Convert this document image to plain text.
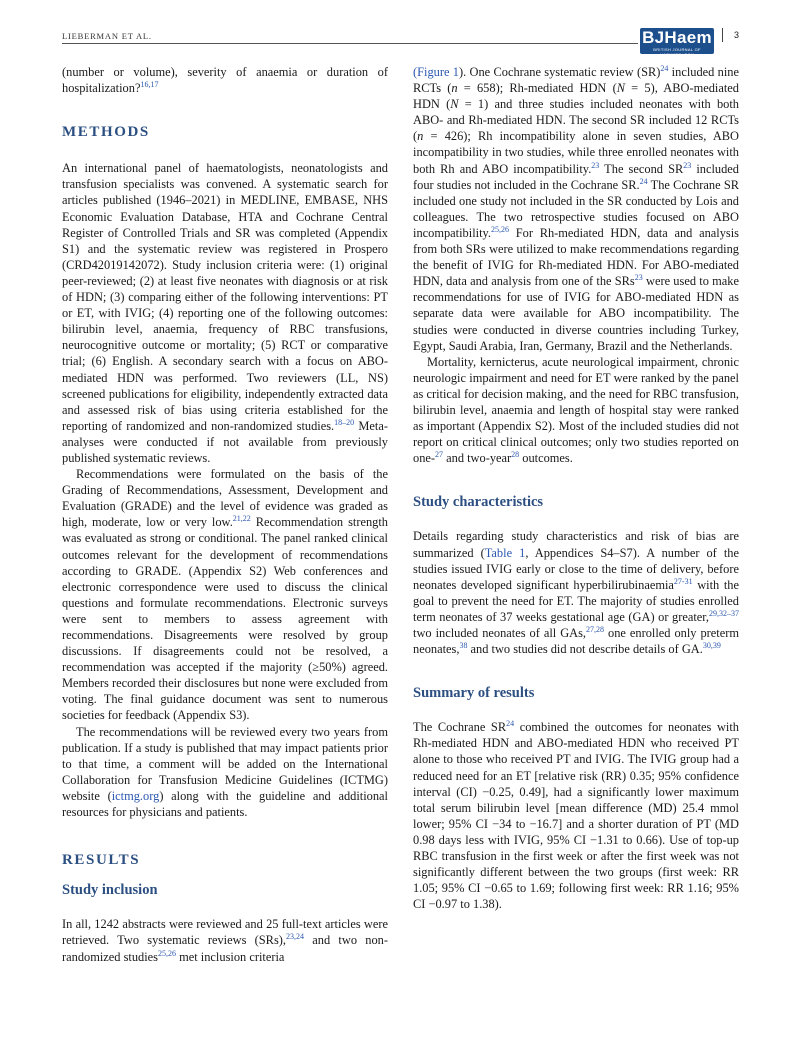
LIEBERMAN ET AL.	BJHaem
BRITISH JOURNAL OF HAEMATOLOGY
3

(number or volume), severity of anaemia or duration of hospitalization?$^{16,17}$

METHODS

An international panel of haematologists, neonatologists and transfusion specialists was convened. A systematic search for articles published (1946–2021) in MEDLINE, EMBASE, NHS Economic Evaluation Database, HTA and Cochrane Central Register of Controlled Trials and SR was completed (Appendix S1) and the systematic review was registered in Prospero (CRD42019142072). Study inclusion criteria were: (1) original peer-reviewed; (2) at least five neonates with diagnosis or at risk of HDN; (3) comparing either of the following interventions: PT or ET, with IVIG; (4) reporting one of the following outcomes: bilirubin level, anaemia, frequency of RBC transfusions, neurocognitive outcome or mortality; (5) RCT or comparative trial; (6) English. A secondary search with a focus on ABO-mediated HDN was performed. Two reviewers (LL, NS) screened publications for eligibility, independently extracted data and assessed risk of bias using criteria established for the reporting of randomized and non-randomized studies.$^{18-20}$ Meta-analyses were conducted if not available from previously published systematic reviews.

Recommendations were formulated on the basis of the Grading of Recommendations, Assessment, Development and Evaluation (GRADE) and the level of evidence was graded as high, moderate, low or very low.$^{21,22}$ Recommendation strength was evaluated as strong or conditional. The panel ranked clinical outcomes relevant for the development of recommendations according to GRADE. (Appendix S2) Web conferences and electronic correspondence were used to discuss the clinical questions and formulate recommendations. Electronic surveys were sent to members to assess agreement with recommendations. Disagreements were resolved by group discussions. If disagreements could not be resolved, a recommendation was accepted if the majority (≥50%) agreed. Members recorded their disclosures but none were excluded from voting. The final guidance document was sent to numerous societies for feedback (Appendix S3).

The recommendations will be reviewed every two years from publication. If a study is published that may impact patients prior to that time, a comment will be added on the International Collaboration for Transfusion Medicine Guidelines (ICTMG) website (ictmg.org) along with the guideline and additional resources for physicians and patients.

RESULTS
Study inclusion

In all, 1242 abstracts were reviewed and 25 full-text articles were retrieved. Two systematic reviews (SRs),$^{23,24}$ and two non-randomized studies$^{25,26}$ met inclusion criteria

(Figure 1). One Cochrane systematic review (SR)$^{24}$ included nine RCTs (n = 658); Rh-mediated HDN (N = 5), ABO-mediated HDN (N = 1) and three studies included neonates with both ABO- and Rh-mediated HDN. The second SR included 12 RCTs (n = 426); Rh incompatibility alone in seven studies, ABO incompatibility in two studies, while three enrolled neonates with both Rh and ABO incompatibility.$^{23}$ The second SR$^{23}$ included four studies not included in the Cochrane SR.$^{24}$ The Cochrane SR included one study not included in the SR conducted by Lois and colleagues. The two retrospective studies focused on ABO incompatibility.$^{25,26}$ For Rh-mediated HDN, data and analysis from both SRs were utilized to make recommendations regarding the benefit of IVIG for Rh-mediated HDN. For ABO-mediated HDN, data and analysis from one of the SRs$^{23}$ were used to make recommendations for use of IVIG for ABO-mediated HDN as separate data were available for ABO incompatibility. The studies were conducted in diverse countries including Turkey, Egypt, Saudi Arabia, Iran, Germany, Brazil and the Netherlands.

Mortality, kernicterus, acute neurological impairment, chronic neurologic impairment and need for ET were ranked by the panel as critical for decision making, and the need for RBC transfusion, bilirubin level, anaemia and length of hospital stay were ranked as important (Appendix S2). Most of the included studies did not report on critical clinical outcomes; only two studies reported on one-$^{27}$ and two-year$^{28}$ outcomes.

Study characteristics

Details regarding study characteristics and risk of bias are summarized (Table 1, Appendices S4–S7). A number of the studies issued IVIG early or close to the time of delivery, before neonates developed significant hyperbilirubinaemia$^{27-31}$ with the goal to prevent the need for ET. The majority of studies enrolled term neonates of 37 weeks gestational age (GA) or greater,$^{29,32-37}$ two included neonates of all GAs,$^{27,28}$ one enrolled only preterm neonates,$^{38}$ and two studies did not describe details of GA.$^{30,39}$

Summary of results

The Cochrane SR$^{24}$ combined the outcomes for neonates with Rh-mediated HDN and ABO-mediated HDN who received PT alone to those who received PT and IVIG. The IVIG group had a reduced need for an ET [relative risk (RR) 0.35; 95% confidence interval (CI) −0.25, 0.49], had a significantly lower maximum total serum bilirubin level [mean difference (MD) 25.4 mmol lower; 95% CI −34 to −16.7] and a shorter duration of PT (MD 0.98 days less with IVIG, 95% CI −1.31 to 0.66). Use of top-up RBC transfusion in the first week or after the first week was not significantly different between the two groups (first week: RR 1.05; 95% CI −0.65 to 1.69; following first week: RR 1.16; 95% CI −0.97 to 1.38).
